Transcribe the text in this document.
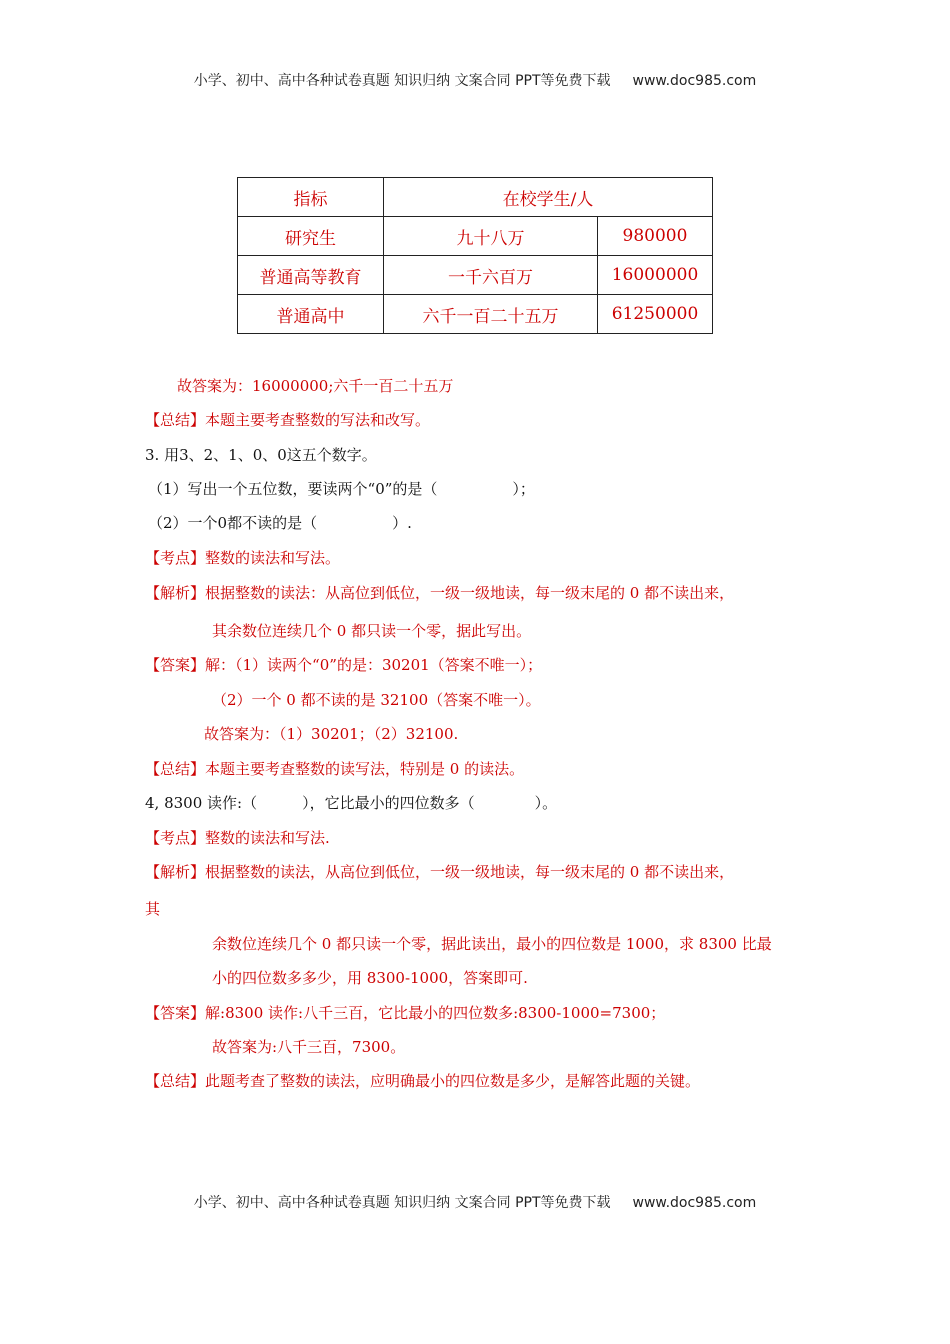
小学、初中、高中各种试卷真题 知识归纳 文案合同 PPT等免费下载 www.doc985.com
指标	在校学生/人	
研究生	九十八万	980000
普通高等教育	一千六百万	16000000
普通高中	六千一百二十五万	61250000
故答案为：16000000;六千一百二十五万
【总结】本题主要考查整数的写法和改写。
3. 用3、2、1、0、0这五个数字。
（1）写出一个五位数，要读两个“0”的是（　　　　　）；
（2）一个0都不读的是（　　　　　）.
【考点】整数的读法和写法。
【解析】根据整数的读法：从高位到低位，一级一级地读，每一级末尾的 0 都不读出来，
其余数位连续几个 0 都只读一个零，据此写出。
【答案】解：（1）读两个“0”的是：30201（答案不唯一）；
（2）一个 0 都不读的是 32100（答案不唯一）。
故答案为：（1）30201；（2）32100.
【总结】本题主要考查整数的读写法，特别是 0 的读法。
4, 8300 读作:（　　　），它比最小的四位数多（　　　　）。
【考点】整数的读法和写法.
【解析】根据整数的读法，从高位到低位，一级一级地读，每一级末尾的 0 都不读出来，
其
余数位连续几个 0 都只读一个零，据此读出，最小的四位数是 1000，求 8300 比最
小的四位数多多少，用 8300-1000，答案即可.
【答案】解:8300 读作:八千三百，它比最小的四位数多:8300-1000=7300；
故答案为:八千三百，7300。
【总结】此题考查了整数的读法，应明确最小的四位数是多少，是解答此题的关键。
小学、初中、高中各种试卷真题 知识归纳 文案合同 PPT等免费下载 www.doc985.com
